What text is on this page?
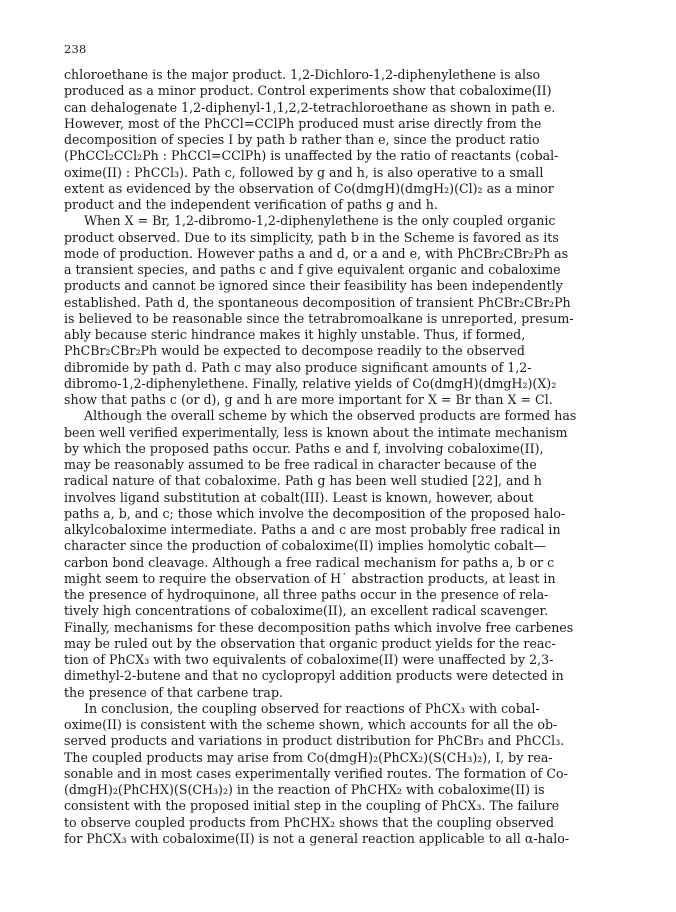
238

chloroethane is the major product. 1,2-Dichloro-1,2-diphenylethene is also
produced as a minor product. Control experiments show that cobaloxime(II)
can dehalogenate 1,2-diphenyl-1,1,2,2-tetrachloroethane as shown in path e.
However, most of the PhCCl=CClPh produced must arise directly from the
decomposition of species I by path b rather than e, since the product ratio
(PhCCl₂CCl₂Ph : PhCCl=CClPh) is unaffected by the ratio of reactants (cobal-
oxime(II) : PhCCl₃). Path c, followed by g and h, is also operative to a small
extent as evidenced by the observation of Co(dmgH)(dmgH₂)(Cl)₂ as a minor
product and the independent verification of paths g and h.

When X = Br, 1,2-dibromo-1,2-diphenylethene is the only coupled organic
product observed. Due to its simplicity, path b in the Scheme is favored as its
mode of production. However paths a and d, or a and e, with PhCBr₂CBr₂Ph as
a transient species, and paths c and f give equivalent organic and cobaloxime
products and cannot be ignored since their feasibility has been independently
established. Path d, the spontaneous decomposition of transient PhCBr₂CBr₂Ph
is believed to be reasonable since the tetrabromoalkane is unreported, presum-
ably because steric hindrance makes it highly unstable. Thus, if formed,
PhCBr₂CBr₂Ph would be expected to decompose readily to the observed
dibromide by path d. Path c may also produce significant amounts of 1,2-
dibromo-1,2-diphenylethene. Finally, relative yields of Co(dmgH)(dmgH₂)(X)₂
show that paths c (or d), g and h are more important for X = Br than X = Cl.

Although the overall scheme by which the observed products are formed has
been well verified experimentally, less is known about the intimate mechanism
by which the proposed paths occur. Paths e and f, involving cobaloxime(II),
may be reasonably assumed to be free radical in character because of the
radical nature of that cobaloxime. Path g has been well studied [22], and h
involves ligand substitution at cobalt(III). Least is known, however, about
paths a, b, and c; those which involve the decomposition of the proposed halo-
alkylcobaloxime intermediate. Paths a and c are most probably free radical in
character since the production of cobaloxime(II) implies homolytic cobalt—
carbon bond cleavage. Although a free radical mechanism for paths a, b or c
might seem to require the observation of H˙ abstraction products, at least in
the presence of hydroquinone, all three paths occur in the presence of rela-
tively high concentrations of cobaloxime(II), an excellent radical scavenger.
Finally, mechanisms for these decomposition paths which involve free carbenes
may be ruled out by the observation that organic product yields for the reac-
tion of PhCX₃ with two equivalents of cobaloxime(II) were unaffected by 2,3-
dimethyl-2-butene and that no cyclopropyl addition products were detected in
the presence of that carbene trap.

In conclusion, the coupling observed for reactions of PhCX₃ with cobal-
oxime(II) is consistent with the scheme shown, which accounts for all the ob-
served products and variations in product distribution for PhCBr₃ and PhCCl₃.
The coupled products may arise from Co(dmgH)₂(PhCX₂)(S(CH₃)₂), I, by rea-
sonable and in most cases experimentally verified routes. The formation of Co-
(dmgH)₂(PhCHX)(S(CH₃)₂) in the reaction of PhCHX₂ with cobaloxime(II) is
consistent with the proposed initial step in the coupling of PhCX₃. The failure
to observe coupled products from PhCHX₂ shows that the coupling observed
for PhCX₃ with cobaloxime(II) is not a general reaction applicable to all α-halo-
